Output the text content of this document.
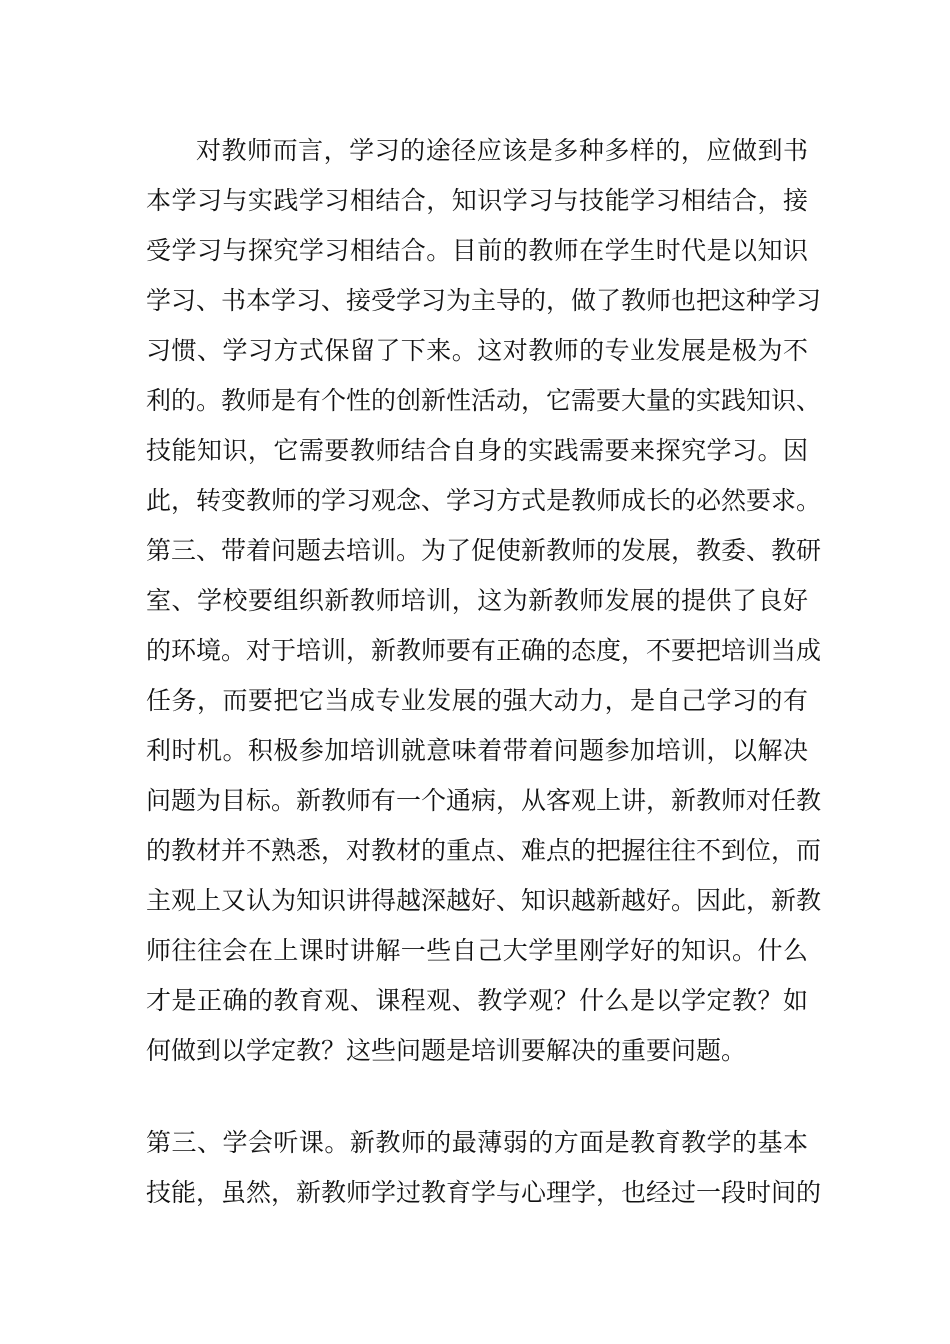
对教师而言，学习的途径应该是多种多样的，应做到书
本学习与实践学习相结合，知识学习与技能学习相结合，接
受学习与探究学习相结合。目前的教师在学生时代是以知识
学习、书本学习、接受学习为主导的，做了教师也把这种学习
习惯、学习方式保留了下来。这对教师的专业发展是极为不
利的。教师是有个性的创新性活动，它需要大量的实践知识、
技能知识，它需要教师结合自身的实践需要来探究学习。因
此，转变教师的学习观念、学习方式是教师成长的必然要求。
第三、带着问题去培训。为了促使新教师的发展，教委、教研
室、学校要组织新教师培训，这为新教师发展的提供了良好
的环境。对于培训，新教师要有正确的态度，不要把培训当成
任务，而要把它当成专业发展的强大动力，是自己学习的有
利时机。积极参加培训就意味着带着问题参加培训，以解决
问题为目标。新教师有一个通病，从客观上讲，新教师对任教
的教材并不熟悉，对教材的重点、难点的把握往往不到位，而
主观上又认为知识讲得越深越好、知识越新越好。因此，新教
师往往会在上课时讲解一些自己大学里刚学好的知识。什么
才是正确的教育观、课程观、教学观？什么是以学定教？如
何做到以学定教？这些问题是培训要解决的重要问题。
第三、学会听课。新教师的最薄弱的方面是教育教学的基本
技能，虽然，新教师学过教育学与心理学，也经过一段时间的
